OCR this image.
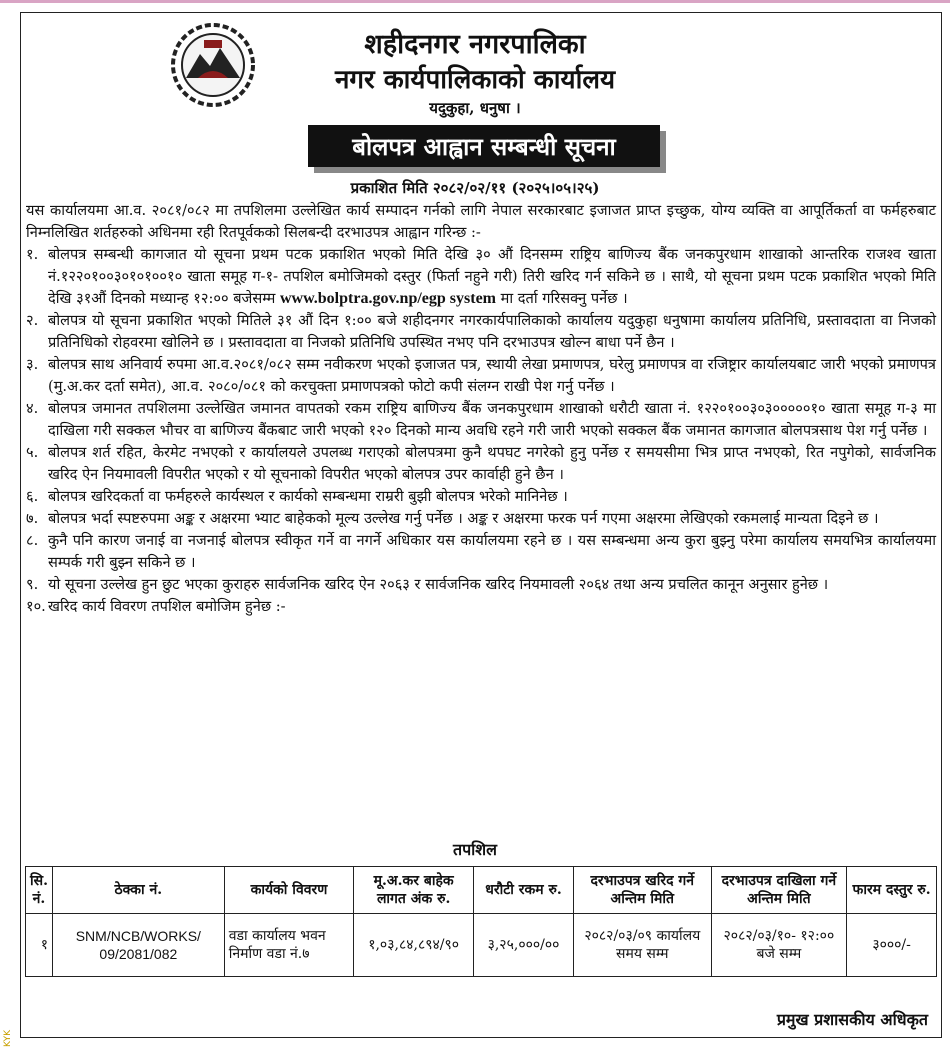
शहीदनगर नगरपालिका
नगर कार्यपालिकाको कार्यालय
यदुकुहा, धनुषा ।
बोलपत्र आह्वान सम्बन्धी सूचना
प्रकाशित मिति २०८२/०२/११ (२०२५।०५।२५)

यस कार्यालयमा आ.व. २०८१/०८२ मा तपशिलमा उल्लेखित कार्य सम्पादन गर्नको लागि नेपाल सरकारबाट इजाजत प्राप्त इच्छुक, योग्य व्यक्ति वा आपूर्तिकर्ता वा फर्महरुबाट निम्नलिखित शर्तहरुको अधिनमा रही रितपूर्वकको सिलबन्दी दरभाउपत्र आह्वान गरिन्छ :-

१. बोलपत्र सम्बन्धी कागजात यो सूचना प्रथम पटक प्रकाशित भएको मिति देखि ३० औं दिनसम्म राष्ट्रिय बाणिज्य बैंक जनकपुरधाम शाखाको आन्तरिक राजश्व खाता नं.१२२०१००३०१०१००१० खाता समूह ग-१- तपशिल बमोजिमको दस्तुर (फिर्ता नहुने गरी) तिरी खरिद गर्न सकिने छ । साथै, यो सूचना प्रथम पटक प्रकाशित भएको मिति देखि ३१औं दिनको मध्यान्ह १२:०० बजेसम्म www.bolptra.gov.np/egp system मा दर्ता गरिसक्नु पर्नेछ ।
२. बोलपत्र यो सूचना प्रकाशित भएको मितिले ३१ औं दिन १:०० बजे शहीदनगर नगरकार्यपालिकाको कार्यालय यदुकुहा धनुषामा कार्यालय प्रतिनिधि, प्रस्तावदाता वा निजको प्रतिनिधिको रोहवरमा खोलिने छ । प्रस्तावदाता वा निजको प्रतिनिधि उपस्थित नभए पनि दरभाउपत्र खोल्न बाधा पर्ने छैन ।
३. बोलपत्र साथ अनिवार्य रुपमा आ.व.२०८१/०८२ सम्म नवीकरण भएको इजाजत पत्र, स्थायी लेखा प्रमाणपत्र, घरेलु प्रमाणपत्र वा रजिष्ट्रार कार्यालयबाट जारी भएको प्रमाणपत्र (मु.अ.कर दर्ता समेत), आ.व. २०८०/०८१ को करचुक्ता प्रमाणपत्रको फोटो कपी संलग्न राखी पेश गर्नु पर्नेछ ।
४. बोलपत्र जमानत तपशिलमा उल्लेखित जमानत वापतको रकम राष्ट्रिय बाणिज्य बैंक जनकपुरधाम शाखाको धरौटी खाता नं. १२२०१००३०३०००००१० खाता समूह ग-३ मा दाखिला गरी सक्कल भौचर वा बाणिज्य बैंकबाट जारी भएको १२० दिनको मान्य अवधि रहने गरी जारी भएको सक्कल बैंक जमानत कागजात बोलपत्रसाथ पेश गर्नु पर्नेछ ।
५. बोलपत्र शर्त रहित, केरमेट नभएको र कार्यालयले उपलब्ध गराएको बोलपत्रमा कुनै थपघट नगरेको हुनु पर्नेछ र समयसीमा भित्र प्राप्त नभएको, रित नपुगेको, सार्वजनिक खरिद ऐन नियमावली विपरीत भएको र यो सूचनाको विपरीत भएको बोलपत्र उपर कार्वाही हुने छैन ।
६. बोलपत्र खरिदकर्ता वा फर्महरुले कार्यस्थल र कार्यको सम्बन्धमा राम्ररी बुझी बोलपत्र भरेको मानिनेछ ।
७. बोलपत्र भर्दा स्पष्टरुपमा अङ्क र अक्षरमा भ्याट बाहेकको मूल्य उल्लेख गर्नु पर्नेछ । अङ्क र अक्षरमा फरक पर्न गएमा अक्षरमा लेखिएको रकमलाई मान्यता दिइने छ ।
८. कुनै पनि कारण जनाई वा नजनाई बोलपत्र स्वीकृत गर्ने वा नगर्ने अधिकार यस कार्यालयमा रहने छ । यस सम्बन्धमा अन्य कुरा बुझ्नु परेमा कार्यालय समयभित्र कार्यालयमा सम्पर्क गरी बुझ्न सकिने छ ।
९. यो सूचना उल्लेख हुन छुट भएका कुराहरु सार्वजनिक खरिद ऐन २०६३ र सार्वजनिक खरिद नियमावली २०६४ तथा अन्य प्रचलित कानून अनुसार हुनेछ ।
१०. खरिद कार्य विवरण तपशिल बमोजिम हुनेछ :-
तपशिल
सि. नं.	ठेक्का नं.	कार्यको विवरण	मू.अ.कर बाहेक लागत अंक रु.	धरौटी रकम रु.	दरभाउपत्र खरिद गर्ने अन्तिम मिति	दरभाउपत्र दाखिला गर्ने अन्तिम मिति	फारम दस्तुर रु.
१	SNM/NCB/WORKS/ 09/2081/082	वडा कार्यालय भवन निर्माण वडा नं.७	१,०३,८४,८९४/९०	३,२५,०००/००	२०८२/०३/०९ कार्यालय समय सम्म	२०८२/०३/१०- १२:०० बजे सम्म	३०००/-
प्रमुख प्रशासकीय अधिकृत
KYK
